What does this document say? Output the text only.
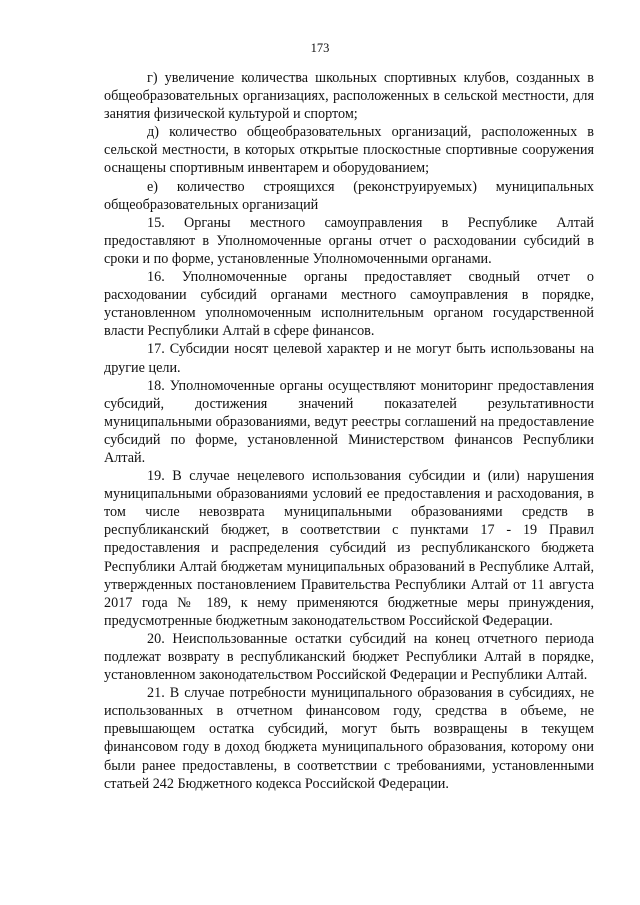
173

г) увеличение количества школьных спортивных клубов, созданных в общеобразовательных организациях, расположенных в сельской местности, для занятия физической культурой и спортом;

д) количество общеобразовательных организаций, расположенных в сельской местности, в которых открытые плоскостные спортивные сооружения оснащены спортивным инвентарем и оборудованием;

е) количество строящихся (реконструируемых) муниципальных общеобразовательных организаций

15. Органы местного самоуправления в Республике Алтай предоставляют в Уполномоченные органы отчет о расходовании субсидий в сроки и по форме, установленные Уполномоченными органами.

16. Уполномоченные органы предоставляет сводный отчет о расходовании субсидий органами местного самоуправления в порядке, установленном уполномоченным исполнительным органом государственной власти Республики Алтай в сфере финансов.

17. Субсидии носят целевой характер и не могут быть использованы на другие цели.

18. Уполномоченные органы осуществляют мониторинг предоставления субсидий, достижения значений показателей результативности муниципальными образованиями, ведут реестры соглашений на предоставление субсидий по форме, установленной Министерством финансов Республики Алтай.

19. В случае нецелевого использования субсидии и (или) нарушения муниципальными образованиями условий ее предоставления и расходования, в том числе невозврата муниципальными образованиями средств в республиканский бюджет, в соответствии с пунктами 17 - 19 Правил предоставления и распределения субсидий из республиканского бюджета Республики Алтай бюджетам муниципальных образований в Республике Алтай, утвержденных постановлением Правительства Республики Алтай от 11 августа 2017 года № 189, к нему применяются бюджетные меры принуждения, предусмотренные бюджетным законодательством Российской Федерации.

20. Неиспользованные остатки субсидий на конец отчетного периода подлежат возврату в республиканский бюджет Республики Алтай в порядке, установленном законодательством Российской Федерации и Республики Алтай.

21. В случае потребности муниципального образования в субсидиях, не использованных в отчетном финансовом году, средства в объеме, не превышающем остатка субсидий, могут быть возвращены в текущем финансовом году в доход бюджета муниципального образования, которому они были ранее предоставлены, в соответствии с требованиями, установленными статьей 242 Бюджетного кодекса Российской Федерации.
